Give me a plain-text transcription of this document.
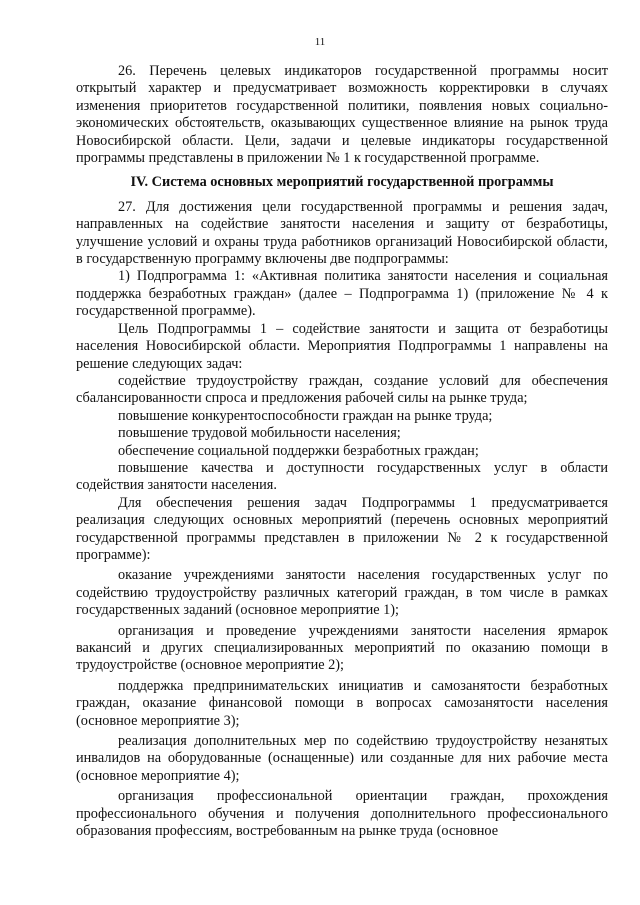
11

26. Перечень целевых индикаторов государственной программы носит открытый характер и предусматривает возможность корректировки в случаях изменения приоритетов государственной политики, появления новых социально-экономических обстоятельств, оказывающих существенное влияние на рынок труда Новосибирской области. Цели, задачи и целевые индикаторы государственной программы представлены в приложении № 1 к государственной программе.

IV. Система основных мероприятий государственной программы

27. Для достижения цели государственной программы и решения задач, направленных на содействие занятости населения и защиту от безработицы, улучшение условий и охраны труда работников организаций Новосибирской области, в государственную программу включены две подпрограммы:

1) Подпрограмма 1: «Активная политика занятости населения и социальная поддержка безработных граждан» (далее – Подпрограмма 1) (приложение № 4 к государственной программе).

Цель Подпрограммы 1 – содействие занятости и защита от безработицы населения Новосибирской области. Мероприятия Подпрограммы 1 направлены на решение следующих задач:

содействие трудоустройству граждан, создание условий для обеспечения сбалансированности спроса и предложения рабочей силы на рынке труда;

повышение конкурентоспособности граждан на рынке труда;

повышение трудовой мобильности населения;

обеспечение социальной поддержки безработных граждан;

повышение качества и доступности государственных услуг в области содействия занятости населения.

Для обеспечения решения задач Подпрограммы 1 предусматривается реализация следующих основных мероприятий (перечень основных мероприятий государственной программы представлен в приложении № 2 к государственной программе):

оказание учреждениями занятости населения государственных услуг по содействию трудоустройству различных категорий граждан, в том числе в рамках государственных заданий (основное мероприятие 1);

организация и проведение учреждениями занятости населения ярмарок вакансий и других специализированных мероприятий по оказанию помощи в трудоустройстве (основное мероприятие 2);

поддержка предпринимательских инициатив и самозанятости безработных граждан, оказание финансовой помощи в вопросах самозанятости населения (основное мероприятие 3);

реализация дополнительных мер по содействию трудоустройству незанятых инвалидов на оборудованные (оснащенные) или созданные для них рабочие места (основное мероприятие 4);

организация профессиональной ориентации граждан, прохождения профессионального обучения и получения дополнительного профессионального образования профессиям, востребованным на рынке труда (основное
